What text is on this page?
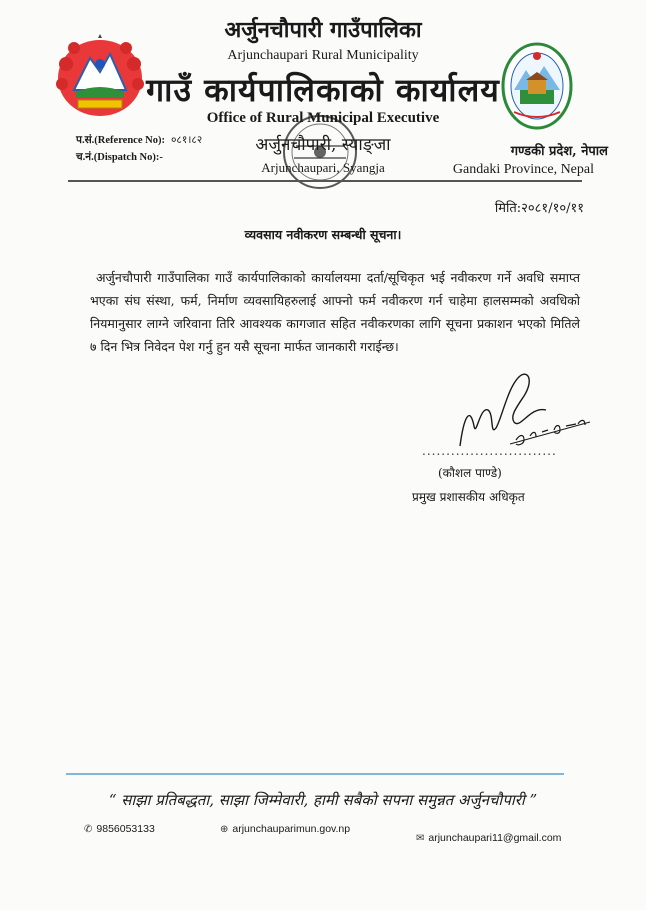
अर्जुनचौपारी गाउँपालिका
Arjunchaupari Rural Municipality
गाउँ कार्यपालिकाको कार्यालय
Office of Rural Municipal Executive
अर्जुनचौपारी, स्याङ्जा
Arjunchaupari, Syangja
प.सं.(Reference No): ०८१।८२
च.नं.(Dispatch No):-	गण्डकी प्रदेश, नेपाल
Gandaki Province, Nepal
मिति:२०८१/१०/११
व्यवसाय नवीकरण सम्बन्धी सूचना।
अर्जुनचौपारी गाउँपालिका गाउँ कार्यपालिकाको कार्यालयमा दर्ता/सूचिकृत भई नवीकरण गर्ने अवधि समाप्त भएका संघ संस्था, फर्म, निर्माण व्यवसायिहरुलाई आफ्नो फर्म नवीकरण गर्न चाहेमा हालसम्मको अवधिको नियमानुसार लाग्ने जरिवाना तिरि आवश्यक कागजात सहित नवीकरणका लागि सूचना प्रकाशन भएको मितिले ७ दिन भित्र निवेदन पेश गर्नु हुन यसै सूचना मार्फत जानकारी गराईन्छ।
............................
(कौशल पाण्डे)
प्रमुख प्रशासकीय अधिकृत
“ साझा प्रतिबद्धता, साझा जिम्मेवारी, हामी सबैको सपना समुन्नत अर्जुनचौपारी ”
✆ 9856053133	⊕ arjunchauparimun.gov.np
✉ arjunchaupari11@gmail.com
